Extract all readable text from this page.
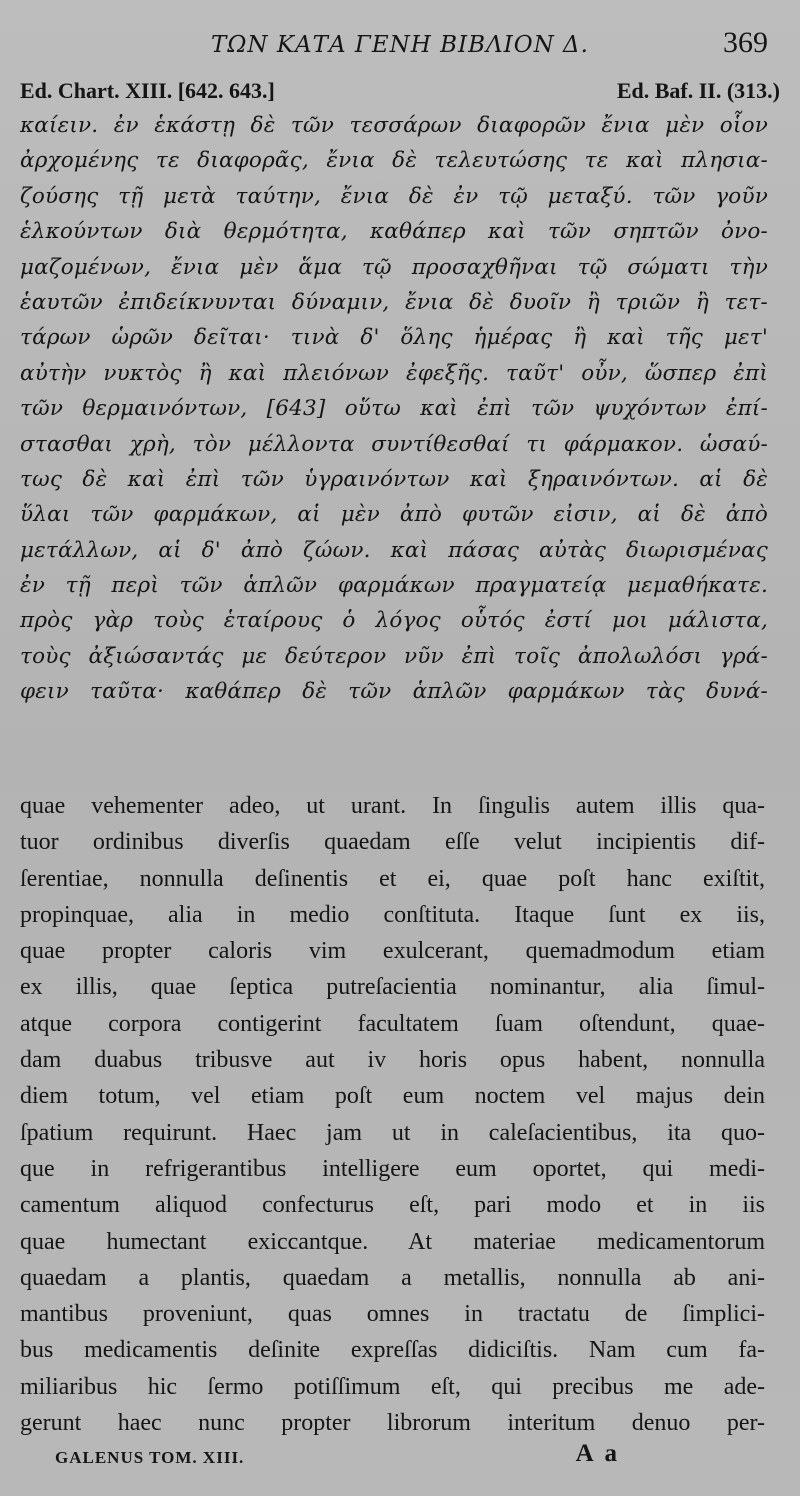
ΤΩΝ ΚΑΤΑ ΓΕΝΗ ΒΙΒΛΙΟΝ Δ.	369
Ed. Chart. XIII. [642. 643.]	Ed. Baf. II. (313.)
καίειν. ἐν ἑκάστῃ δὲ τῶν τεσσάρων διαφορῶν ἔνια μὲν οἷον
ἀρχομένης τε διαφορᾶς, ἔνια δὲ τελευτώσης τε καὶ πλησια-
ζούσης τῇ μετὰ ταύτην, ἔνια δὲ ἐν τῷ μεταξύ. τῶν γοῦν
ἑλκούντων διὰ θερμότητα, καθάπερ καὶ τῶν σηπτῶν ὀνο-
μαζομένων, ἔνια μὲν ἅμα τῷ προσαχθῆναι τῷ σώματι τὴν
ἑαυτῶν ἐπιδείκνυνται δύναμιν, ἔνια δὲ δυοῖν ἢ τριῶν ἢ τετ-
τάρων ὡρῶν δεῖται· τινὰ δ' ὅλης ἡμέρας ἢ καὶ τῆς μετ'
αὐτὴν νυκτὸς ἢ καὶ πλειόνων ἐφεξῆς. ταῦτ' οὖν, ὥσπερ ἐπὶ
τῶν θερμαινόντων, [643] οὕτω καὶ ἐπὶ τῶν ψυχόντων ἐπί-
στασθαι χρὴ, τὸν μέλλοντα συντίθεσθαί τι φάρμακον. ὡσαύ-
τως δὲ καὶ ἐπὶ τῶν ὑγραινόντων καὶ ξηραινόντων. αἱ δὲ
ὕλαι τῶν φαρμάκων, αἱ μὲν ἀπὸ φυτῶν εἰσιν, αἱ δὲ ἀπὸ
μετάλλων, αἱ δ' ἀπὸ ζώων. καὶ πάσας αὐτὰς διωρισμένας
ἐν τῇ περὶ τῶν ἁπλῶν φαρμάκων πραγματείᾳ μεμαθήκατε.
πρὸς γὰρ τοὺς ἑταίρους ὁ λόγος οὗτός ἐστί μοι μάλιστα,
τοὺς ἀξιώσαντάς με δεύτερον νῦν ἐπὶ τοῖς ἀπολωλόσι γρά-
φειν ταῦτα· καθάπερ δὲ τῶν ἁπλῶν φαρμάκων τὰς δυνά-
quae vehementer adeo, ut urant. In ſingulis autem illis qua-
tuor ordinibus diverſis quaedam eſſe velut incipientis dif-
ſerentiae, nonnulla deſinentis et ei, quae poſt hanc exiſtit,
propinquae, alia in medio conſtituta. Itaque ſunt ex iis,
quae propter caloris vim exulcerant, quemadmodum etiam
ex illis, quae ſeptica putreſacientia nominantur, alia ſimul-
atque corpora contigerint facultatem ſuam oſtendunt, quae-
dam duabus tribusve aut iv horis opus habent, nonnulla
diem totum, vel etiam poſt eum noctem vel majus dein
ſpatium requirunt. Haec jam ut in caleſacientibus, ita quo-
que in refrigerantibus intelligere eum oportet, qui medi-
camentum aliquod confecturus eſt, pari modo et in iis
quae humectant exiccantque. At materiae medicamentorum
quaedam a plantis, quaedam a metallis, nonnulla ab ani-
mantibus proveniunt, quas omnes in tractatu de ſimplici-
bus medicamentis deſinite expreſſas didiciſtis. Nam cum fa-
miliaribus hic ſermo potiſſimum eſt, qui precibus me ade-
gerunt haec nunc propter librorum interitum denuo per-
GALENUS TOM. XIII.	A a
